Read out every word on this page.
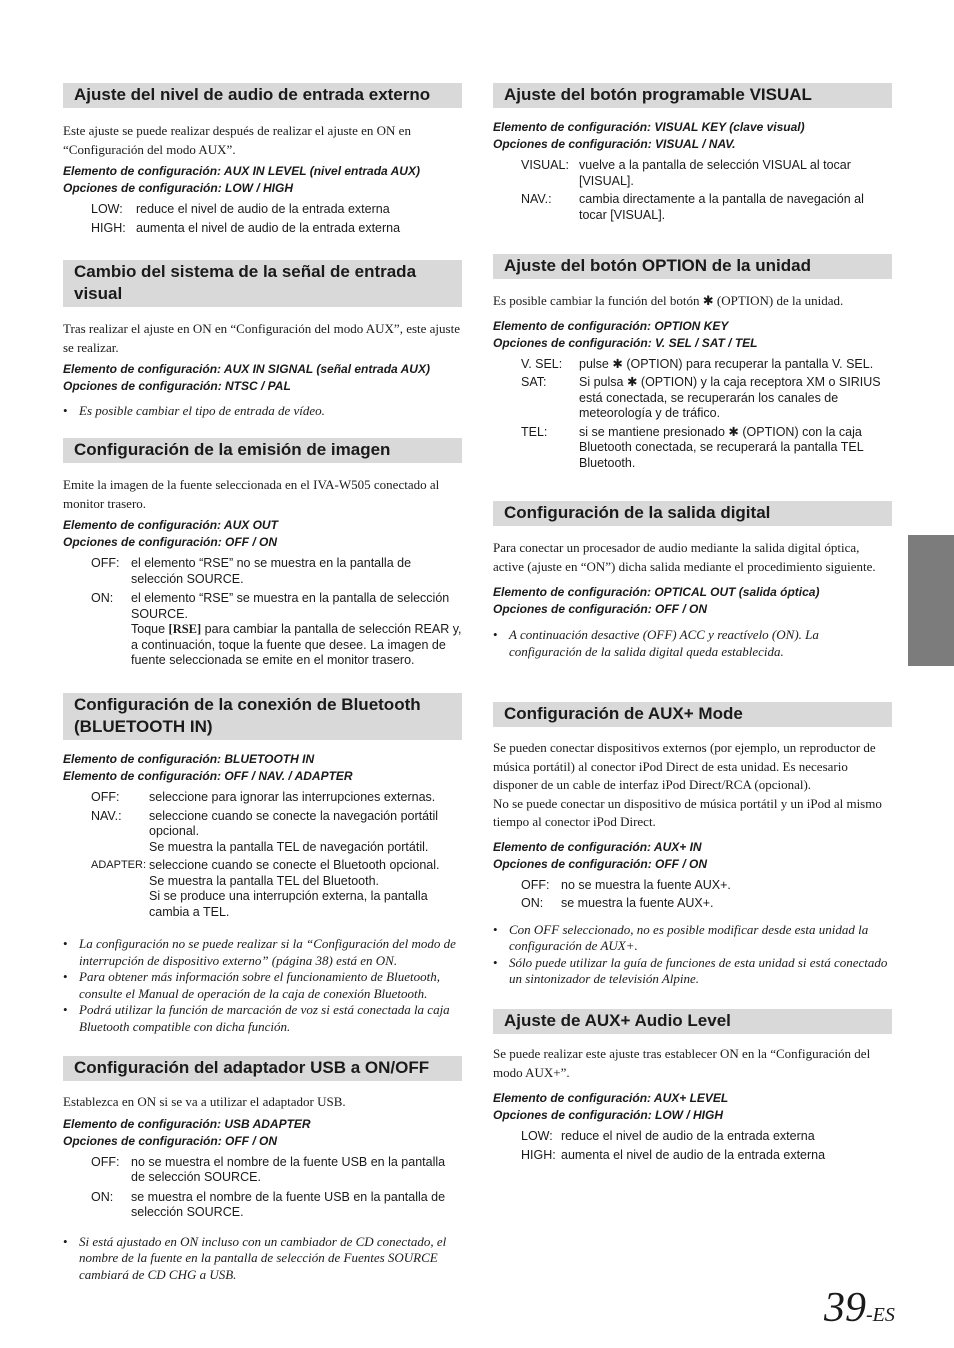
Ajuste del nivel de audio de entrada externo

Este ajuste se puede realizar después de realizar el ajuste en ON en “Configuración del modo AUX”.

Elemento de configuración: AUX IN LEVEL (nivel entrada AUX)
Opciones de configuración: LOW / HIGH
LOW:	reduce el nivel de audio de la entrada externa
HIGH: aumenta el nivel de audio de la entrada externa
Cambio del sistema de la señal de entrada visual

Tras realizar el ajuste en ON en “Configuración del modo AUX”, este ajuste se realizar.

Elemento de configuración: AUX IN SIGNAL (señal entrada AUX)
Opciones de configuración: NTSC / PAL
• Es posible cambiar el tipo de entrada de vídeo.
Configuración de la emisión de imagen

Emite la imagen de la fuente seleccionada en el IVA-W505 conectado al monitor trasero.

Elemento de configuración: AUX OUT
Opciones de configuración: OFF / ON
OFF: el elemento “RSE” no se muestra en la pantalla de selección SOURCE.
ON:	el elemento “RSE” se muestra en la pantalla de selección SOURCE.
Toque [RSE] para cambiar la pantalla de selección REAR y, a continuación, toque la fuente que desee. La imagen de fuente seleccionada se emite en el monitor trasero.
Configuración de la conexión de Bluetooth (BLUETOOTH IN)
Elemento de configuración: BLUETOOTH IN
Elemento de configuración: OFF / NAV. / ADAPTER
OFF:	seleccione para ignorar las interrupciones externas.
NAV.:	seleccione cuando se conecte la navegación portátil opcional.
Se muestra la pantalla TEL de navegación portátil.
ADAPTER: seleccione cuando se conecte el Bluetooth opcional.
Se muestra la pantalla TEL del Bluetooth.
Si se produce una interrupción externa, la pantalla cambia a TEL.
• La configuración no se puede realizar si la “Configuración del modo de interrupción de dispositivo externo” (página 38) está en ON.
• Para obtener más información sobre el funcionamiento de Bluetooth, consulte el Manual de operación de la caja de conexión Bluetooth.
• Podrá utilizar la función de marcación de voz si está conectada la caja Bluetooth compatible con dicha función.
Configuración del adaptador USB a ON/OFF

Establezca en ON si se va a utilizar el adaptador USB.

Elemento de configuración: USB ADAPTER
Opciones de configuración: OFF / ON
OFF: no se muestra el nombre de la fuente USB en la pantalla de selección SOURCE.
ON:	se muestra el nombre de la fuente USB en la pantalla de selección SOURCE.
• Si está ajustado en ON incluso con un cambiador de CD conectado, el nombre de la fuente en la pantalla de selección de Fuentes SOURCE cambiará de CD CHG a USB.
Ajuste del botón programable VISUAL
Elemento de configuración: VISUAL KEY (clave visual)
Opciones de configuración: VISUAL / NAV.
VISUAL: vuelve a la pantalla de selección VISUAL al tocar [VISUAL].
NAV.:	cambia directamente a la pantalla de navegación al tocar [VISUAL].
Ajuste del botón OPTION de la unidad

Es posible cambiar la función del botón ✱ (OPTION) de la unidad.

Elemento de configuración: OPTION KEY
Opciones de configuración: V. SEL / SAT / TEL
V. SEL:	pulse ✱ (OPTION) para recuperar la pantalla V. SEL.
SAT:	Si pulsa ✱ (OPTION) y la caja receptora XM o SIRIUS está conectada, se recuperarán los canales de meteorología y de tráfico.
TEL:	si se mantiene presionado ✱ (OPTION) con la caja Bluetooth conectada, se recuperará la pantalla TEL Bluetooth.
Configuración de la salida digital

Para conectar un procesador de audio mediante la salida digital óptica, active (ajuste en “ON”) dicha salida mediante el procedimiento siguiente.

Elemento de configuración: OPTICAL OUT (salida óptica)
Opciones de configuración: OFF / ON
• A continuación desactive (OFF) ACC y reactívelo (ON). La configuración de la salida digital queda establecida.
Configuración de AUX+ Mode

Se pueden conectar dispositivos externos (por ejemplo, un reproductor de música portátil) al conector iPod Direct de esta unidad. Es necesario disponer de un cable de interfaz iPod Direct/RCA (opcional).

No se puede conectar un dispositivo de música portátil y un iPod al mismo tiempo al conector iPod Direct.

Elemento de configuración: AUX+ IN
Opciones de configuración: OFF / ON
OFF: no se muestra la fuente AUX+.
ON:	se muestra la fuente AUX+.
• Con OFF seleccionado, no es posible modificar desde esta unidad la configuración de AUX+.
• Sólo puede utilizar la guía de funciones de esta unidad si está conectado un sintonizador de televisión Alpine.
Ajuste de AUX+ Audio Level

Se puede realizar este ajuste tras establecer ON en la “Configuración del modo AUX+”.

Elemento de configuración: AUX+ LEVEL
Opciones de configuración: LOW / HIGH
LOW: reduce el nivel de audio de la entrada externa
HIGH: aumenta el nivel de audio de la entrada externa
39-ES
